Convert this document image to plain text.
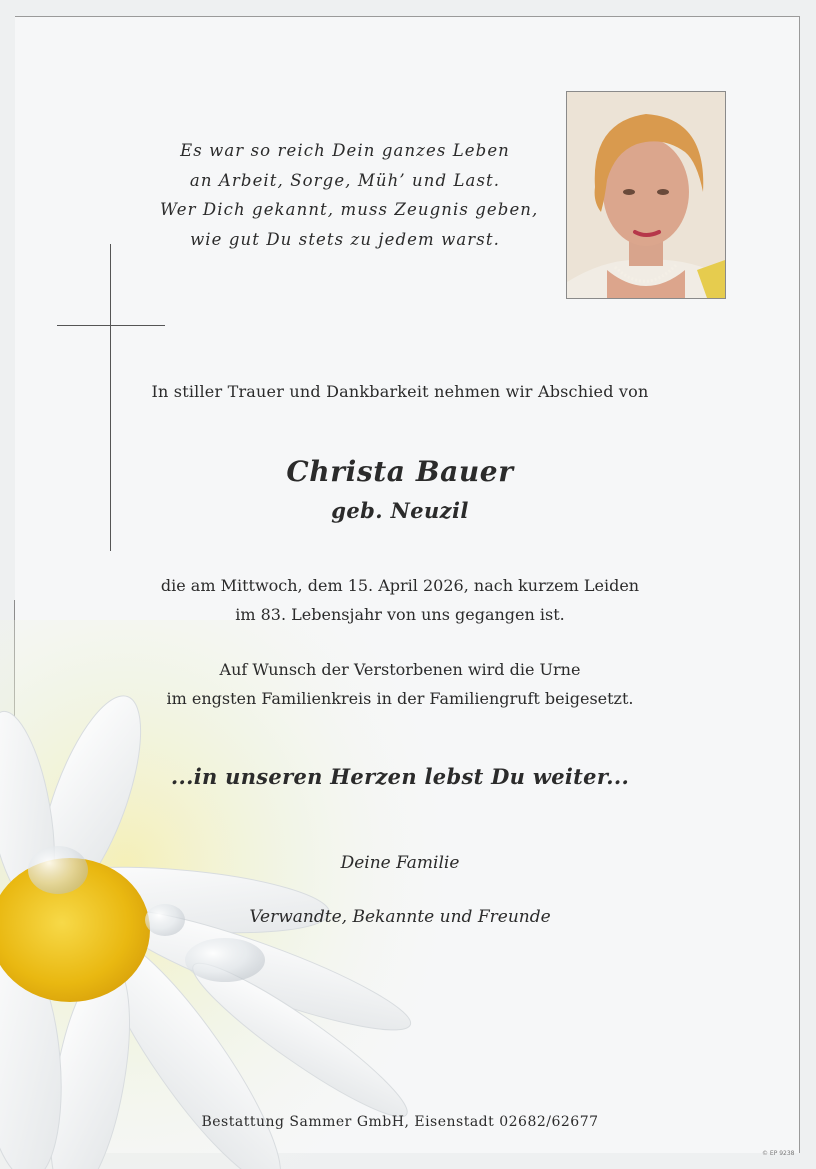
Es war so reich Dein ganzes Leben
an Arbeit, Sorge, Müh’ und Last.
Wer Dich gekannt, muss Zeugnis geben,
wie gut Du stets zu jedem warst.
In stiller Trauer und Dankbarkeit nehmen wir Abschied von
Christa Bauer
geb. Neuzil
die am Mittwoch, dem 15. April 2026, nach kurzem Leiden
im 83. Lebensjahr von uns gegangen ist.
Auf Wunsch der Verstorbenen wird die Urne
im engsten Familienkreis in der Familiengruft beigesetzt.
...in unseren Herzen lebst Du weiter...
Deine Familie
Verwandte, Bekannte und Freunde
Bestattung Sammer GmbH, Eisenstadt 02682/62677
© EP 9238
